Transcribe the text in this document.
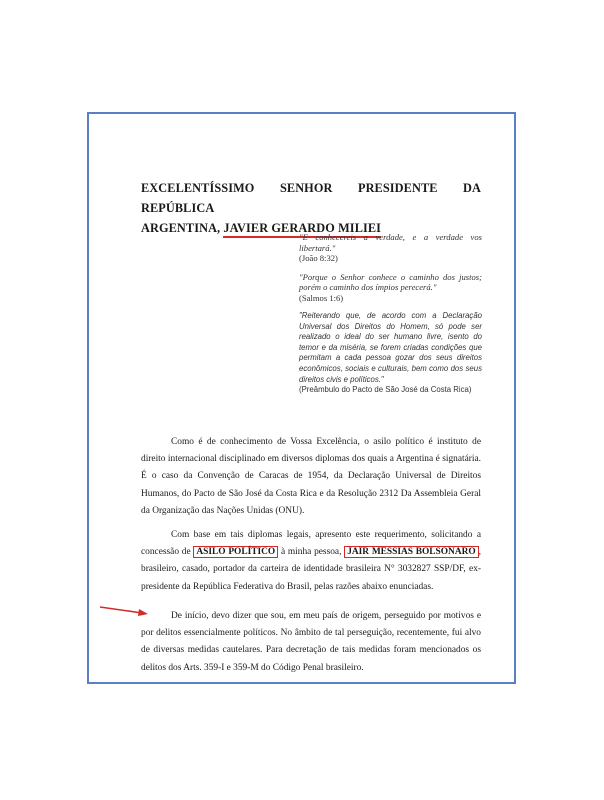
EXCELENTÍSSIMO SENHOR PRESIDENTE DA REPÚBLICA
ARGENTINA, JAVIER GERARDO MILIEI
"E conhecereis a verdade, e a verdade vos libertará."
(João 8:32)
"Porque o Senhor conhece o caminho dos justos; porém o caminho dos ímpios perecerá."
(Salmos 1:6)
"Reiterando que, de acordo com a Declaração Universal dos Direitos do Homem, só pode ser realizado o ideal do ser humano livre, isento do temor e da miséria, se forem criadas condições que permitam a cada pessoa gozar dos seus direitos econômicos, sociais e culturais, bem como dos seus direitos civis e políticos."
(Preâmbulo do Pacto de São José da Costa Rica)
Como é de conhecimento de Vossa Excelência, o asilo político é instituto de direito internacional disciplinado em diversos diplomas dos quais a Argentina é signatária. É o caso da Convenção de Caracas de 1954, da Declaração Universal de Direitos Humanos, do Pacto de São José da Costa Rica e da Resolução 2312 Da Assembleia Geral da Organização das Nações Unidas (ONU).
Com base em tais diplomas legais, apresento este requerimento, solicitando a concessão de ASILO POLÍTICO à minha pessoa, JAIR MESSIAS BOLSONARO , brasileiro, casado, portador da carteira de identidade brasileira N° 3032827 SSP/DF, ex-presidente da República Federativa do Brasil, pelas razões abaixo enunciadas.
De início, devo dizer que sou, em meu país de origem, perseguido por motivos e por delitos essencialmente políticos. No âmbito de tal perseguição, recentemente, fui alvo de diversas medidas cautelares. Para decretação de tais medidas foram mencionados os delitos dos Arts. 359-I e 359-M do Código Penal brasileiro.
